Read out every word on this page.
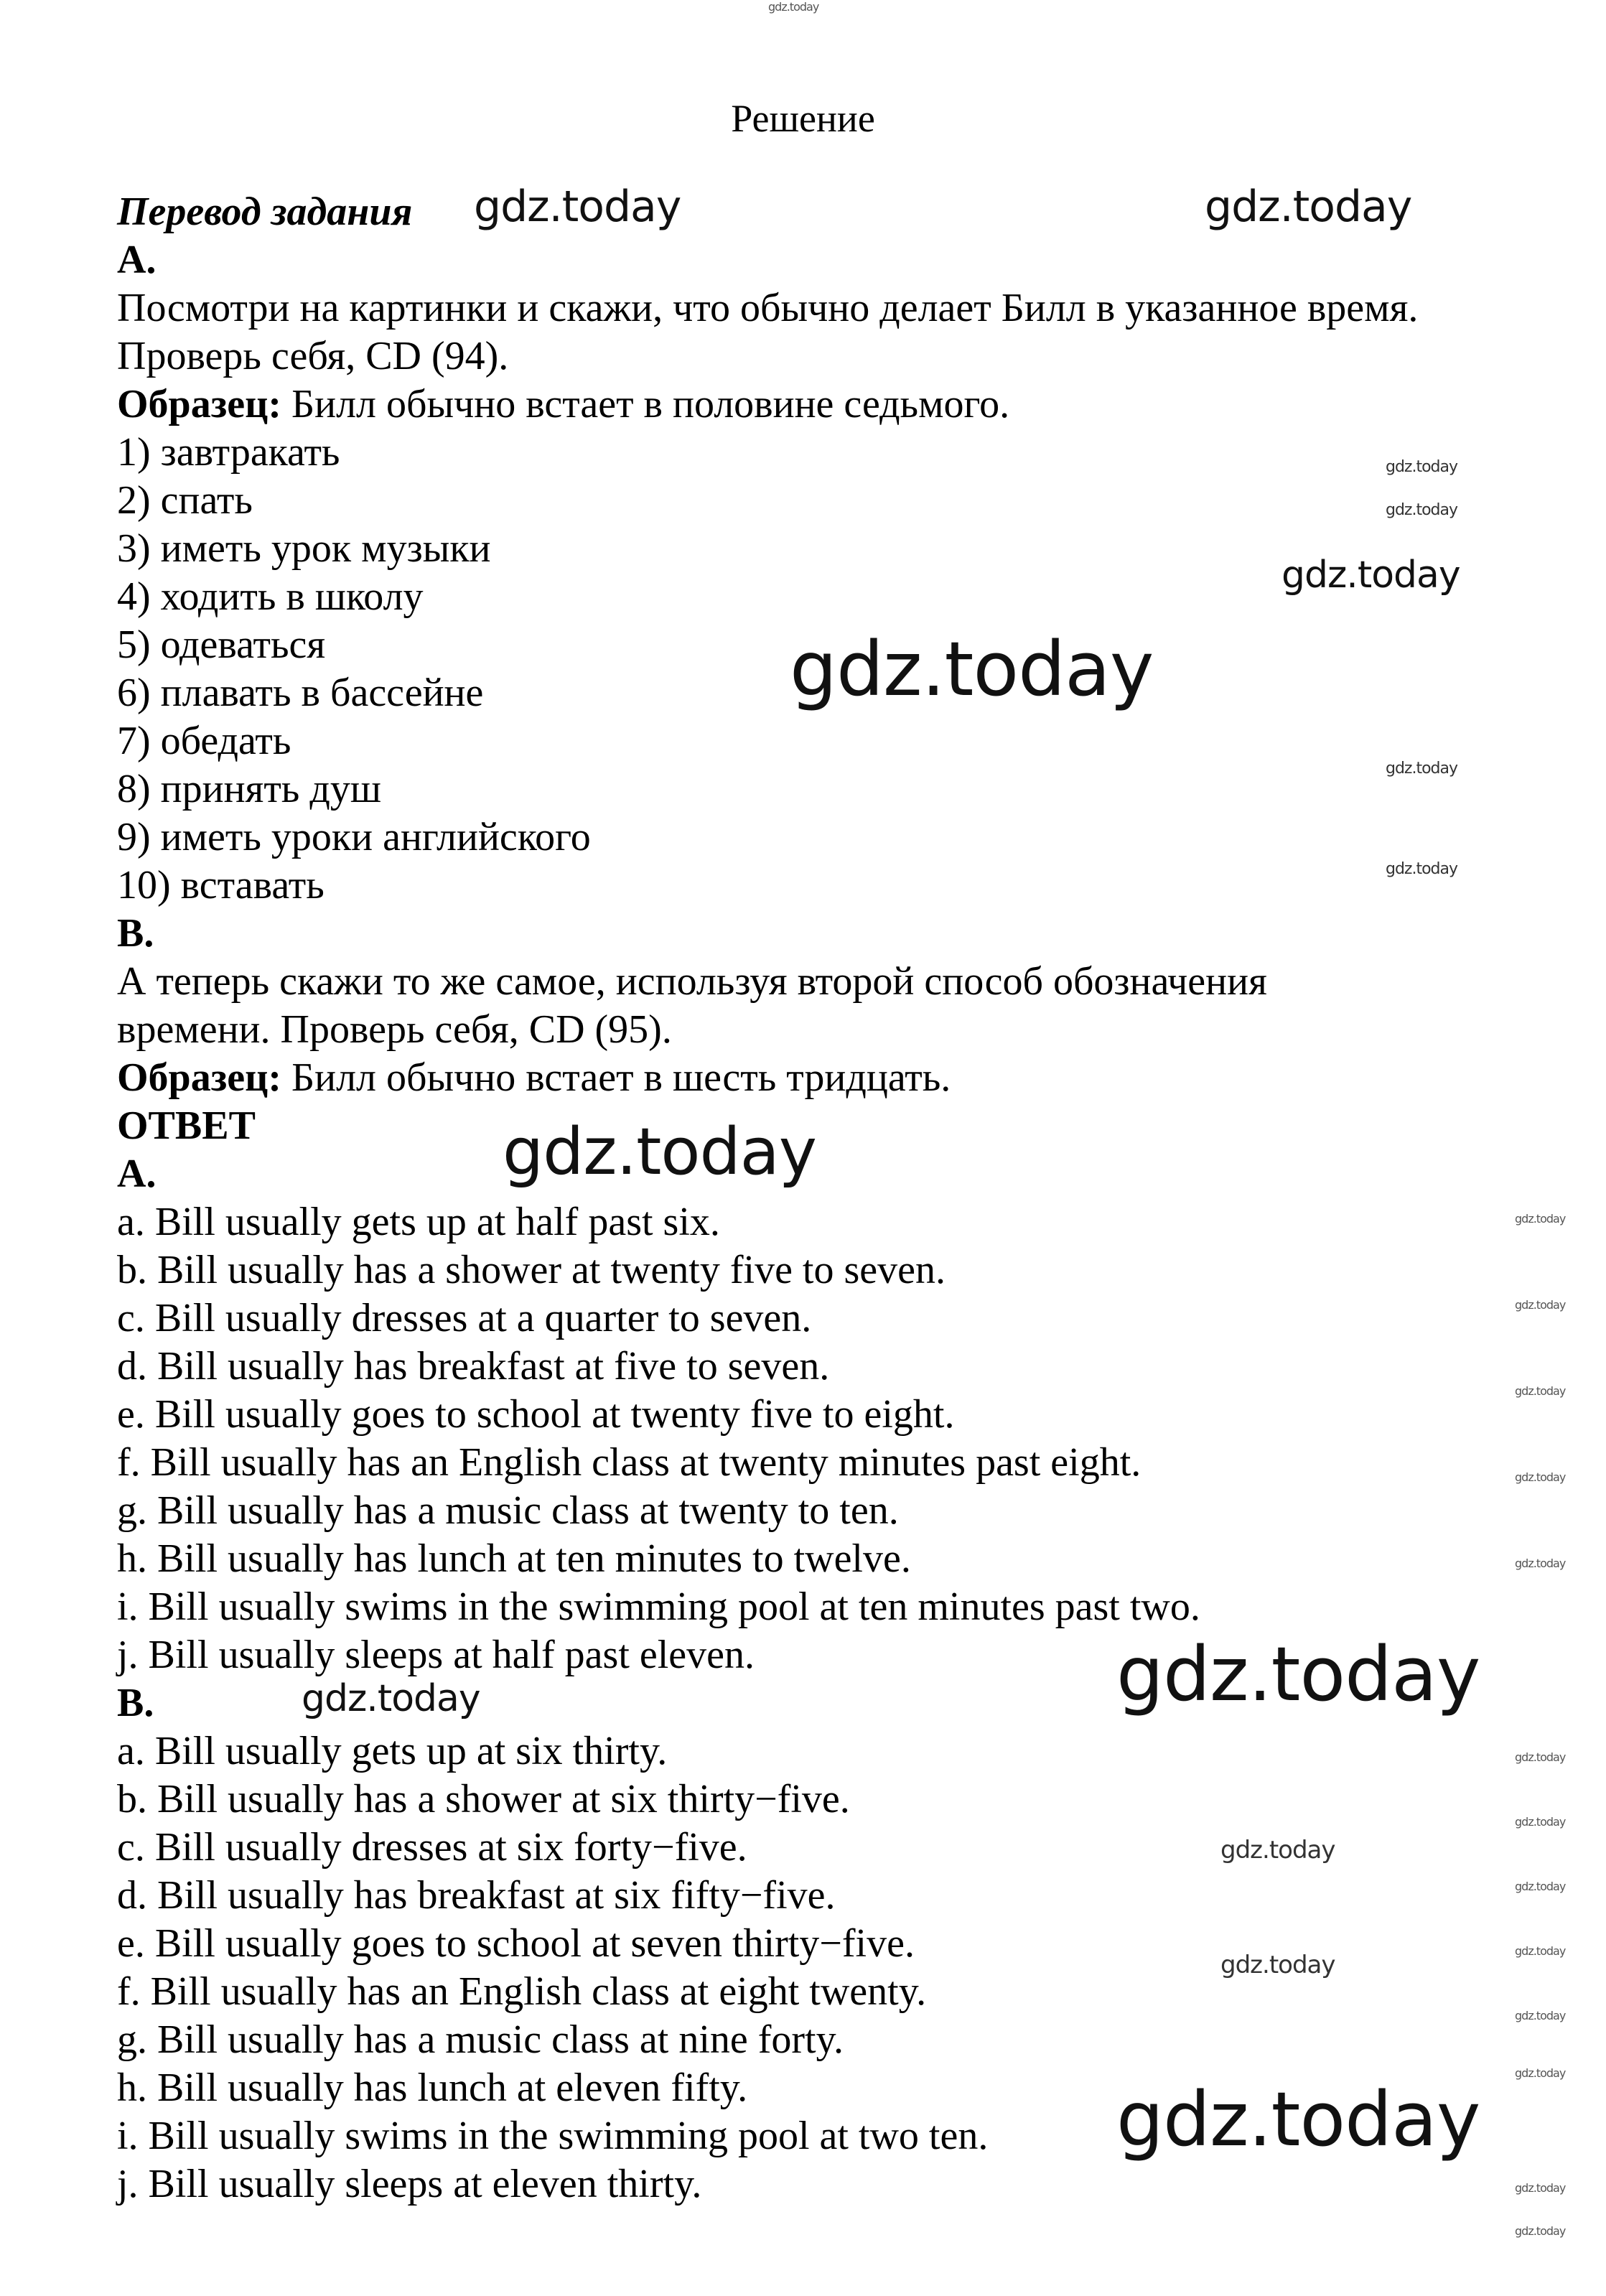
Решение
Перевод задания
А.
Посмотри на картинки и скажи, что обычно делает Билл в указанное время.
Проверь себя, CD (94).
Образец: Билл обычно встает в половине седьмого.
1) завтракать
2) спать
3) иметь урок музыки
4) ходить в школу
5) одеваться
6) плавать в бассейне
7) обедать
8) принять душ
9) иметь уроки английского
10) вставать
В.
А теперь скажи то же самое, используя второй способ обозначения
времени. Проверь себя, CD (95).
Образец: Билл обычно встает в шесть тридцать.
ОТВЕТ
A.
a. Bill usually gets up at half past six.
b. Bill usually has a shower at twenty five to seven.
c. Bill usually dresses at a quarter to seven.
d. Bill usually has breakfast at five to seven.
e. Bill usually goes to school at twenty five to eight.
f. Bill usually has an English class at twenty minutes past eight.
g. Bill usually has a music class at twenty to ten.
h. Bill usually has lunch at ten minutes to twelve.
i. Bill usually swims in the swimming pool at ten minutes past two.
j. Bill usually sleeps at half past eleven.
B.
a. Bill usually gets up at six thirty.
b. Bill usually has a shower at six thirty−five.
c. Bill usually dresses at six forty−five.
d. Bill usually has breakfast at six fifty−five.
e. Bill usually goes to school at seven thirty−five.
f. Bill usually has an English class at eight twenty.
g. Bill usually has a music class at nine forty.
h. Bill usually has lunch at eleven fifty.
i. Bill usually swims in the swimming pool at two ten.
j. Bill usually sleeps at eleven thirty.
gdz.today
gdz.today	gdz.today
gdz.today
gdz.today
gdz.today
gdz.today
gdz.today
gdz.today
gdz.today
gdz.today
gdz.today
gdz.today
gdz.today
gdz.today
gdz.today
gdz.today
gdz.today
gdz.today
gdz.today
gdz.today
gdz.today
gdz.today
gdz.today
gdz.today
gdz.today
gdz.today
gdz.today
